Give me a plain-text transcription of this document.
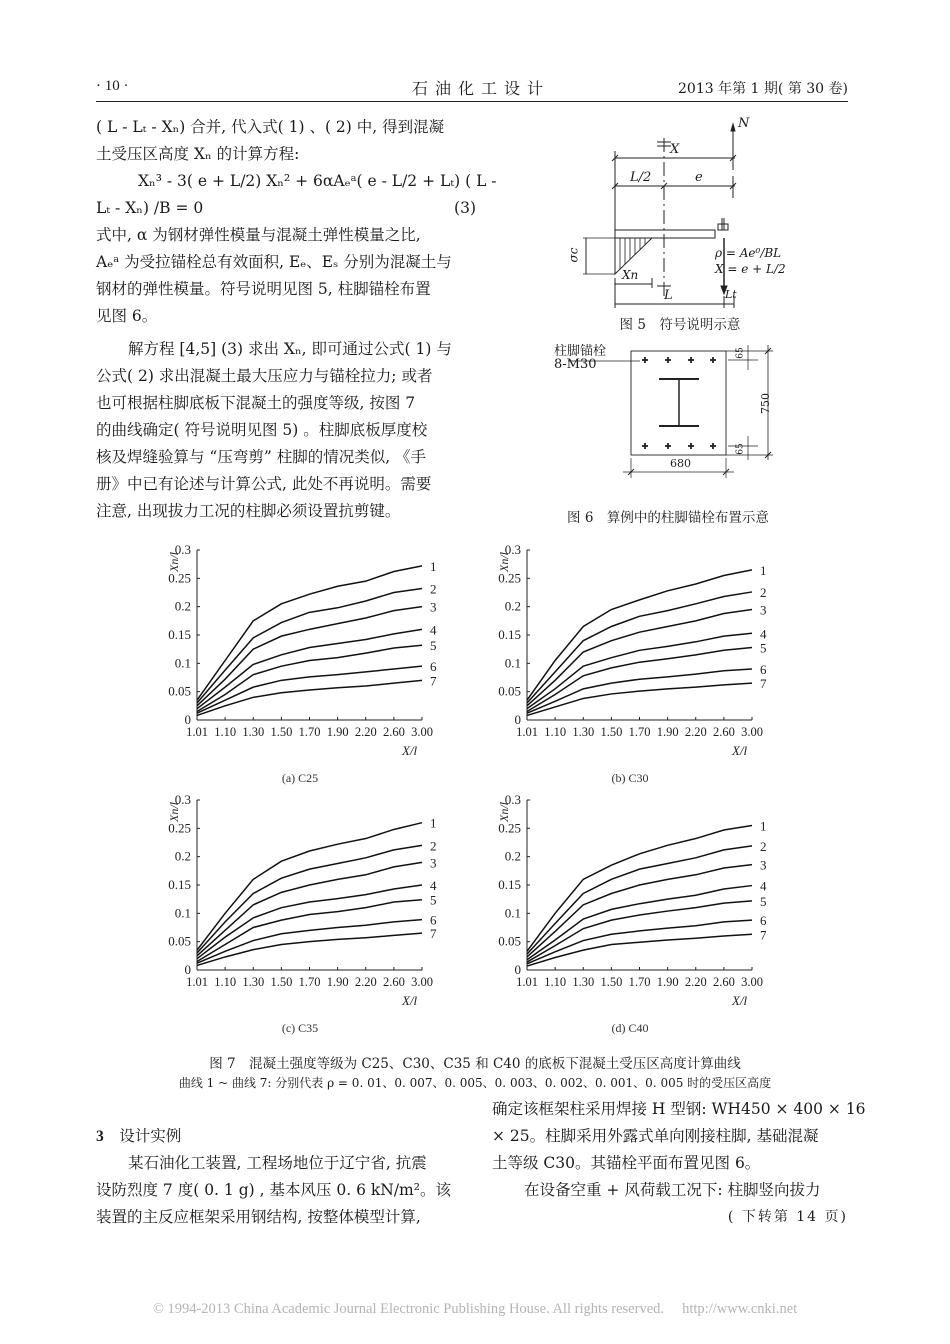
· 10 ·	石油化工设计	2013 年第 1 期( 第 30 卷)

( L - Lₜ - Xₙ) 合并, 代入式( 1) 、( 2) 中, 得到混凝

土受压区高度 Xₙ 的计算方程:

Xₙ³ - 3( e + L/2) Xₙ² + 6αAₑᵃ( e - L/2 + Lₜ) ( L -

Lₜ - Xₙ) /B = 0	(3)

式中, α 为钢材弹性模量与混凝土弹性模量之比,

Aₑᵃ 为受拉锚栓总有效面积, Eₑ、Eₛ 分别为混凝土与

钢材的弹性模量。符号说明见图 5, 柱脚锚栓布置

见图 6。

解方程 [4,5] (3) 求出 Xₙ, 即可通过公式( 1) 与

公式( 2) 求出混凝土最大压应力与锚栓拉力; 或者

也可根据柱脚底板下混凝土的强度等级, 按图 7

的曲线确定( 符号说明见图 5) 。柱脚底板厚度校

核及焊缝验算与 “压弯剪” 柱脚的情况类似, 《手

册》中已有论述与计算公式, 此处不再说明。需要

注意, 出现拔力工况的柱脚必须设置抗剪键。

N
X
L/2	e
σc
Xn
L	Lt
ρ = Ae⁰/BL
X = e + L/2
图 5　符号说明示意
柱脚锚栓
8-M30
680
750
65
65
图 6　算例中的柱脚锚栓布置示意
0
0.05
0.1
0.15
0.2
0.25
0.3
1.01 1.10 1.30 1.50 1.70 1.90 2.20 2.60 3.00
X/l
Xn/l	1
2
3
4
5
6
7
(a) C25
0
0.05
0.1
0.15
0.2
0.25
0.3
1.01 1.10 1.30 1.50 1.70 1.90 2.20 2.60 3.00
X/l
Xn/l	1
2
3
4
5
6
7
(b) C30
0
0.05
0.1
0.15
0.2
0.25
0.3
1.01 1.10 1.30 1.50 1.70 1.90 2.20 2.60 3.00
X/l
Xn/l
1
2
3
4
5
6
7
(c) C35
0
0.05
0.1
0.15
0.2
0.25
0.3
1.01 1.10 1.30 1.50 1.70 1.90 2.20 2.60 3.00
X/l
Xn/l
1
2
3
4
5
6
7
(d) C40
图 7　混凝土强度等级为 C25、C30、C35 和 C40 的底板下混凝土受压区高度计算曲线
曲线 1 ~ 曲线 7: 分别代表 ρ = 0. 01、0. 007、0. 005、0. 003、0. 002、0. 001、0. 005 时的受压区高度

3  设计实例

某石油化工装置, 工程场地位于辽宁省, 抗震

设防烈度 7 度( 0. 1 g) , 基本风压 0. 6 kN/m²。该

装置的主反应框架采用钢结构, 按整体模型计算,

确定该框架柱采用焊接 H 型钢: WH450 × 400 × 16

× 25。柱脚采用外露式单向刚接柱脚, 基础混凝

土等级 C30。其锚栓平面布置见图 6。

在设备空重 + 风荷载工况下: 柱脚竖向拔力

( 下转第 14 页)

© 1994-2013 China Academic Journal Electronic Publishing House. All rights reserved.　 http://www.cnki.net
